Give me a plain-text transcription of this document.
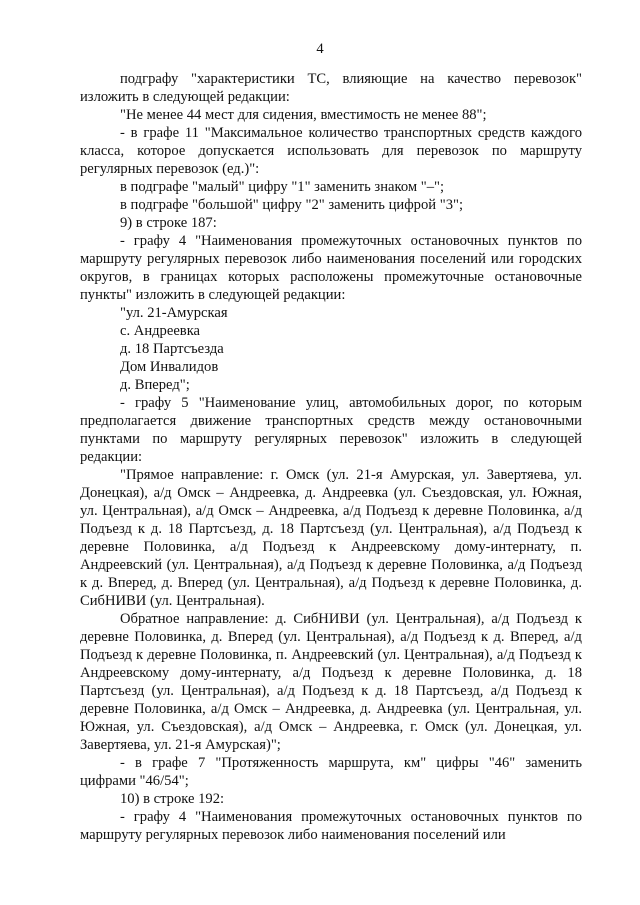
4

подграфу "характеристики ТС, влияющие на качество перевозок" изложить в следующей редакции:

"Не менее 44 мест для сидения, вместимость не менее 88";

- в графе 11 "Максимальное количество транспортных средств каждого класса, которое допускается использовать для перевозок по маршруту регулярных перевозок (ед.)":

в подграфе "малый" цифру "1" заменить знаком "–";

в подграфе "большой" цифру "2" заменить цифрой "3";

9) в строке 187:

- графу 4 "Наименования промежуточных остановочных пунктов по маршруту регулярных перевозок либо наименования поселений или городских округов, в границах которых расположены промежуточные остановочные пункты" изложить в следующей редакции:

"ул. 21-Амурская

с. Андреевка

д. 18 Партсъезда

Дом Инвалидов

д. Вперед";

- графу 5 "Наименование улиц, автомобильных дорог, по которым предполагается движение транспортных средств между остановочными пунктами по маршруту регулярных перевозок" изложить в следующей редакции:

"Прямое направление: г. Омск (ул. 21-я Амурская, ул. Завертяева, ул. Донецкая), а/д Омск – Андреевка, д. Андреевка (ул. Съездовская, ул. Южная, ул. Центральная), а/д Омск – Андреевка, а/д Подъезд к деревне Половинка, а/д Подъезд к д. 18 Партсъезд, д. 18 Партсъезд (ул. Центральная), а/д Подъезд к деревне Половинка, а/д Подъезд к Андреевскому дому-интернату, п. Андреевский (ул. Центральная), а/д Подъезд к деревне Половинка, а/д Подъезд к д. Вперед, д. Вперед (ул. Центральная), а/д Подъезд к деревне Половинка, д. СибНИВИ (ул. Центральная).

Обратное направление: д. СибНИВИ (ул. Центральная), а/д Подъезд к деревне Половинка, д. Вперед (ул. Центральная), а/д Подъезд к д. Вперед, а/д Подъезд к деревне Половинка, п. Андреевский (ул. Центральная), а/д Подъезд к Андреевскому дому-интернату, а/д Подъезд к деревне Половинка, д. 18 Партсъезд (ул. Центральная), а/д Подъезд к д. 18 Партсъезд, а/д Подъезд к деревне Половинка, а/д Омск – Андреевка, д. Андреевка (ул. Центральная, ул. Южная, ул. Съездовская), а/д Омск – Андреевка, г. Омск (ул. Донецкая, ул. Завертяева, ул. 21-я Амурская)";

- в графе 7 "Протяженность маршрута, км" цифры "46" заменить цифрами "46/54";

10) в строке 192:

- графу 4 "Наименования промежуточных остановочных пунктов по маршруту регулярных перевозок либо наименования поселений или
